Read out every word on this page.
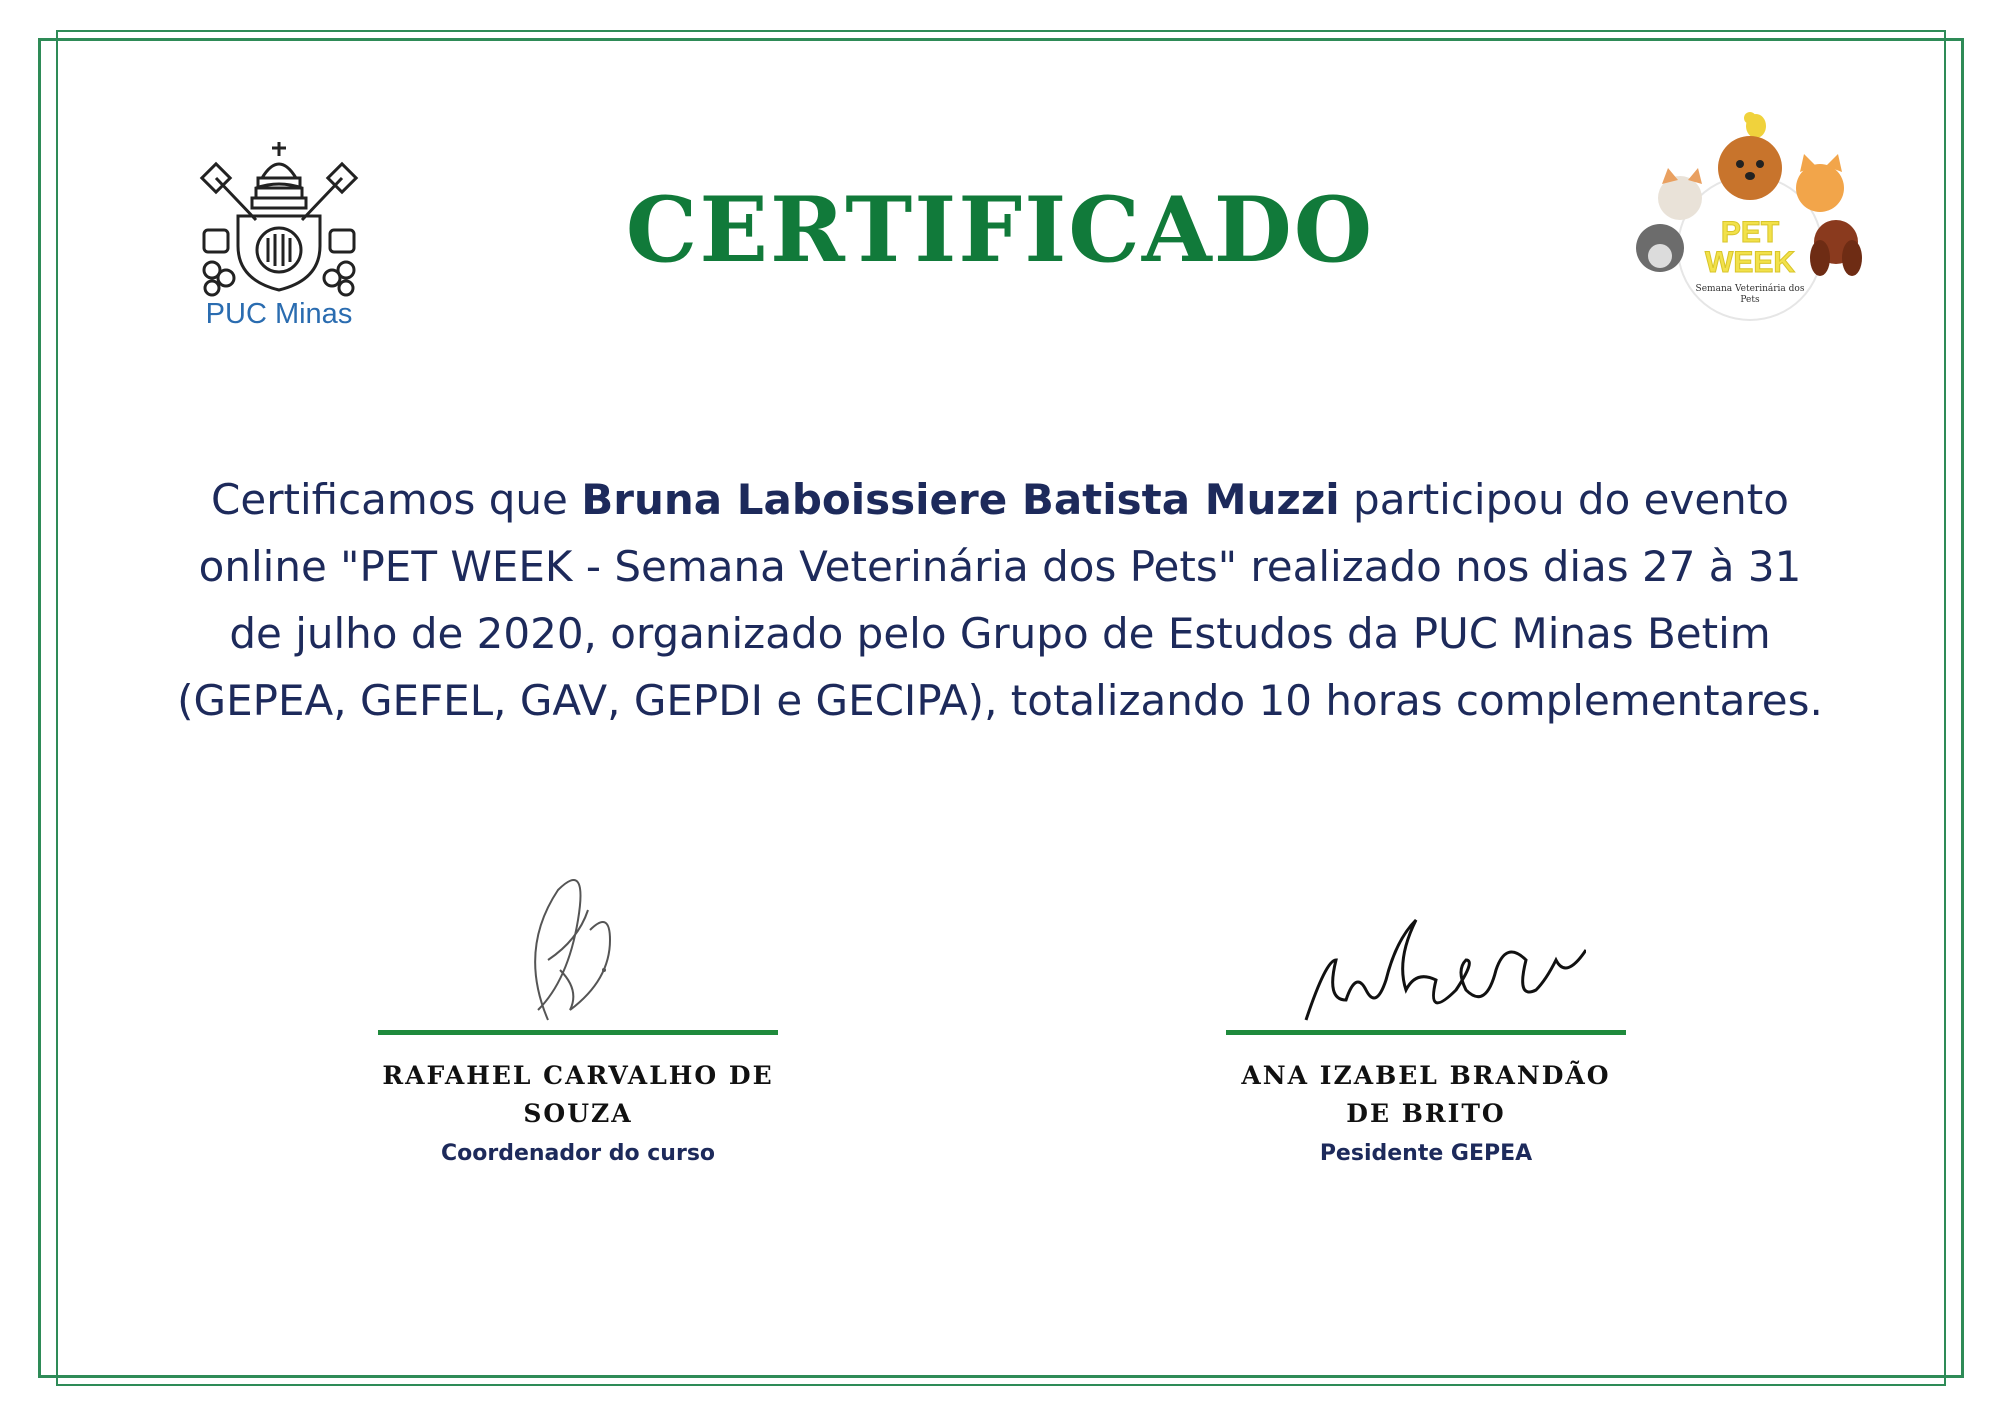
PUC Minas
CERTIFICADO	PET WEEK
Semana Veterinária dos Pets

Certificamos que Bruna Laboissiere Batista Muzzi participou do evento online "PET WEEK - Semana Veterinária dos Pets" realizado nos dias 27 à 31 de julho de 2020, organizado pelo Grupo de Estudos da PUC Minas Betim (GEPEA, GEFEL, GAV, GEPDI e GECIPA), totalizando 10 horas complementares.

RAFAHEL CARVALHO DE SOUZA
Coordenador do curso
ANA IZABEL BRANDÃO DE BRITO
Pesidente GEPEA
